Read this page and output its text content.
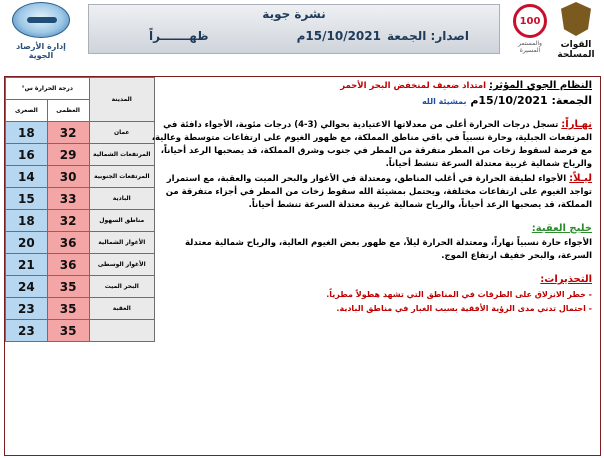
إدارة الأرصاد الجوية
نشرة جوية
اصدار: الجمعة15/10/2021م
ظهـــــــراً
100
والمستمر المسيرة
القوات المسلحة
المدينة	درجة الحرارة س°	
	العظمى	الصغرى
عمان	32	18
المرتفعات الشمالية	29	16
المرتفعات الجنوبية	30	14
البادية	33	15
مناطق السهول	32	18
الأغوار الشمالية	36	20
الأغوار الوسطى	36	21
البحر الميت	35	24
العقبة	35	23
	35	23

النظام الجوي المؤثر: امتداد ضعيف لمنخفض البحر الأحمر

الجمعة: 15/10/2021م بمشيئة الله

نهـاراً: تسجل درجات الحرارة أعلى من معدلاتها الاعتيادية بحوالي (3-4) درجات مئوية، الأجواء دافئة في المرتفعات الجبلية، وحارة نسبياً في باقي مناطق المملكة، مع ظهور الغيوم على ارتفاعات متوسطة وعالية، مع فرصة لسقوط زخات من المطر متفرقة من المطر في جنوب وشرق المملكة، قد يصحبها الرعد أحياناً، والرياح شمالية غربية معتدلة السرعة تنشط أحياناً.

ليـلاً: الأجواء لطيفة الحرارة في أغلب المناطق، ومعتدلة في الأغوار والبحر الميت والعقبة، مع استمرار تواجد الغيوم على ارتفاعات مختلفة، ويحتمل بمشيئة الله سقوط زخات من المطر في أجزاء متفرقة من المملكة، قد يصحبها الرعد أحياناً، والرياح شمالية غربية معتدلة السرعة تنشط أحياناً.

خليج العقبة:

الأجواء حارة نسبياً نهاراً، ومعتدلة الحرارة ليلاً، مع ظهور بعض الغيوم العالية، والرياح شمالية معتدلة السرعة، والبحر خفيف ارتفاع الموج.

التحذيرات:

- خطر الانزلاق على الطرقات في المناطق التي تشهد هطولاً مطرياً.

- احتمال تدني مدى الرؤية الأفقية بسبب الغبار في مناطق البادية.
